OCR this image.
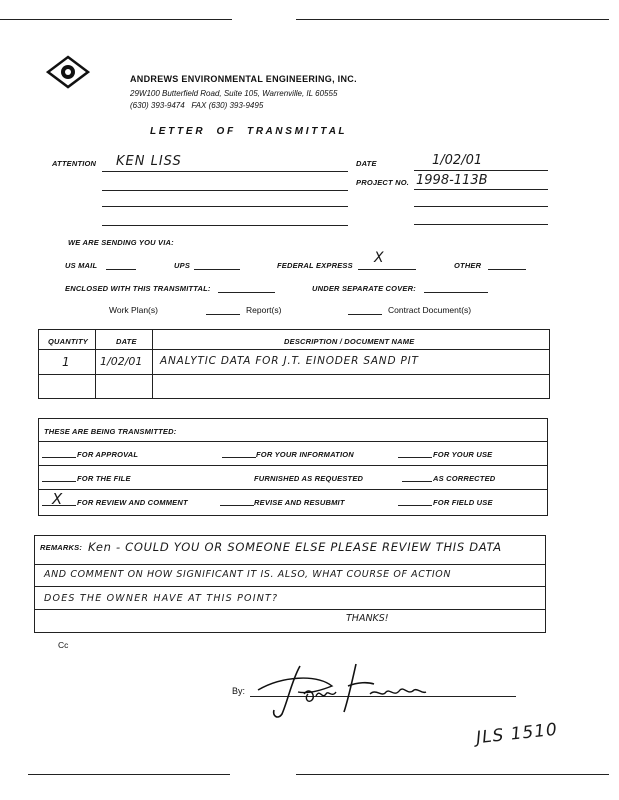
ANDREWS ENVIRONMENTAL ENGINEERING, INC.
29W100 Butterfield Road, Suite 105, Warrenville, IL 60555
(630) 393-9474   FAX (630) 393-9495
L E T T E R     O F     T R A N S M I T T A L
ATTENTION KEN LISS	DATE	1/02/01
PROJECT NO. 1998-113B
WE ARE SENDING YOU VIA:
US MAIL	UPS	FEDERAL EXPRESS X	OTHER
ENCLOSED WITH THIS TRANSMITTAL:	UNDER SEPARATE COVER:
Work Plan(s)	Report(s)	Contract Document(s)
QUANTITY	DATE	DESCRIPTION / DOCUMENT NAME
1	1/02/01 ANALYTIC DATA FOR J.T. EINODER SAND PIT
THESE ARE BEING TRANSMITTED:
FOR APPROVAL	FOR YOUR INFORMATION	FOR YOUR USE
FOR THE FILE	FURNISHED AS REQUESTED	AS CORRECTED
X FOR REVIEW AND COMMENT	REVISE AND RESUBMIT	FOR FIELD USE
REMARKS: Ken - COULD YOU OR SOMEONE ELSE PLEASE REVIEW THIS DATA
AND COMMENT ON HOW SIGNIFICANT IT IS. ALSO, WHAT COURSE OF ACTION
DOES THE OWNER HAVE AT THIS POINT?
THANKS!
Cc
By:
JLS 1510
